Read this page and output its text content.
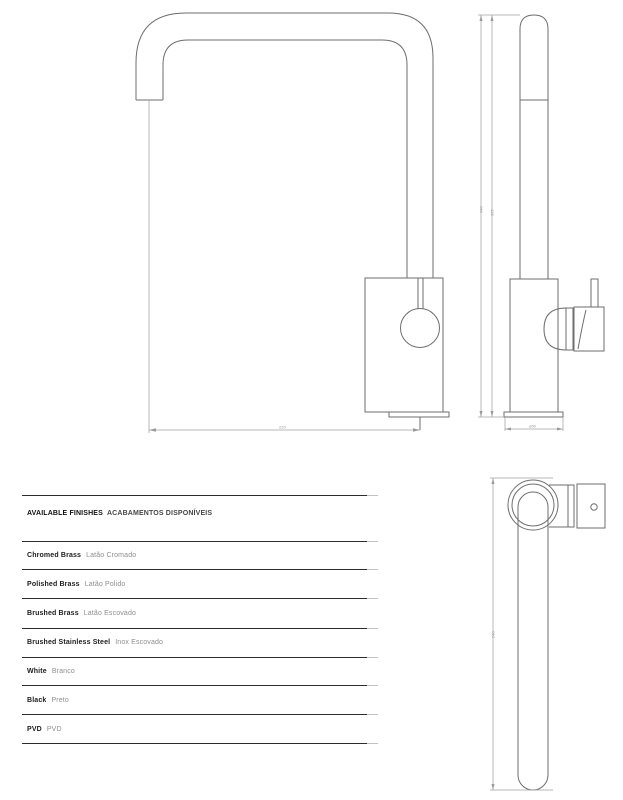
220
340 325
ø50
240
AVAILABLE FINISHES ACABAMENTOS DISPONÍVEIS
Chromed Brass Latão Cromado
Polished Brass Latão Polido
Brushed Brass Latão Escovado
Brushed Stainless Steel Inox Escovado
White Branco
Black Preto
PVD PVD
